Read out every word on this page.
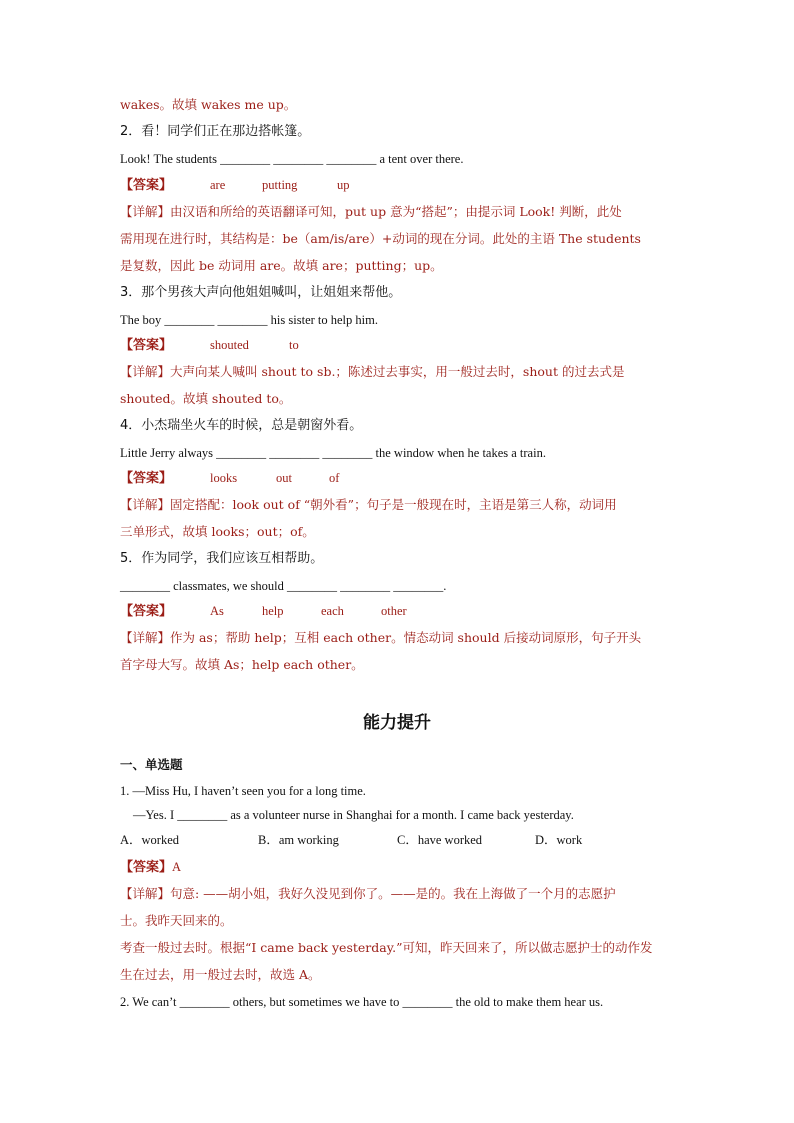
wakes。故填 wakes me up。
2．看！同学们正在那边搭帐篷。
Look! The students ________ ________ ________ a tent over there.
【答案】	are	putting	up
【详解】由汉语和所给的英语翻译可知，put up 意为“搭起”；由提示词 Look! 判断，此处
需用现在进行时，其结构是：be（am/is/are）+动词的现在分词。此处的主语 The students
是复数，因此 be 动词用 are。故填 are；putting；up。
3．那个男孩大声向他姐姐喊叫，让姐姐来帮他。
The boy ________ ________ his sister to help him.
【答案】	shouted	to
【详解】大声向某人喊叫 shout to sb.；陈述过去事实，用一般过去时，shout 的过去式是
shouted。故填 shouted to。
4．小杰瑞坐火车的时候，总是朝窗外看。
Little Jerry always ________ ________ ________ the window when he takes a train.
【答案】	looks	out	of
【详解】固定搭配：look out of “朝外看”；句子是一般现在时，主语是第三人称，动词用
三单形式，故填 looks；out；of。
5．作为同学，我们应该互相帮助。
________ classmates, we should ________ ________ ________.
【答案】	As	help	each	other
【详解】作为 as；帮助 help；互相 each other。情态动词 should 后接动词原形，句子开头
首字母大写。故填 As；help each other。
能力提升
一、单选题
1. —Miss Hu, I haven’t seen you for a long time.
—Yes. I ________ as a volunteer nurse in Shanghai for a month. I came back yesterday.
A．worked	B．am working	C．have worked	D．work
【答案】A
【详解】句意: ——胡小姐，我好久没见到你了。——是的。我在上海做了一个月的志愿护
士。我昨天回来的。
考查一般过去时。根据“I came back yesterday.”可知，昨天回来了，所以做志愿护士的动作发
生在过去，用一般过去时，故选 A。
2. We can’t ________ others, but sometimes we have to ________ the old to make them hear us.
